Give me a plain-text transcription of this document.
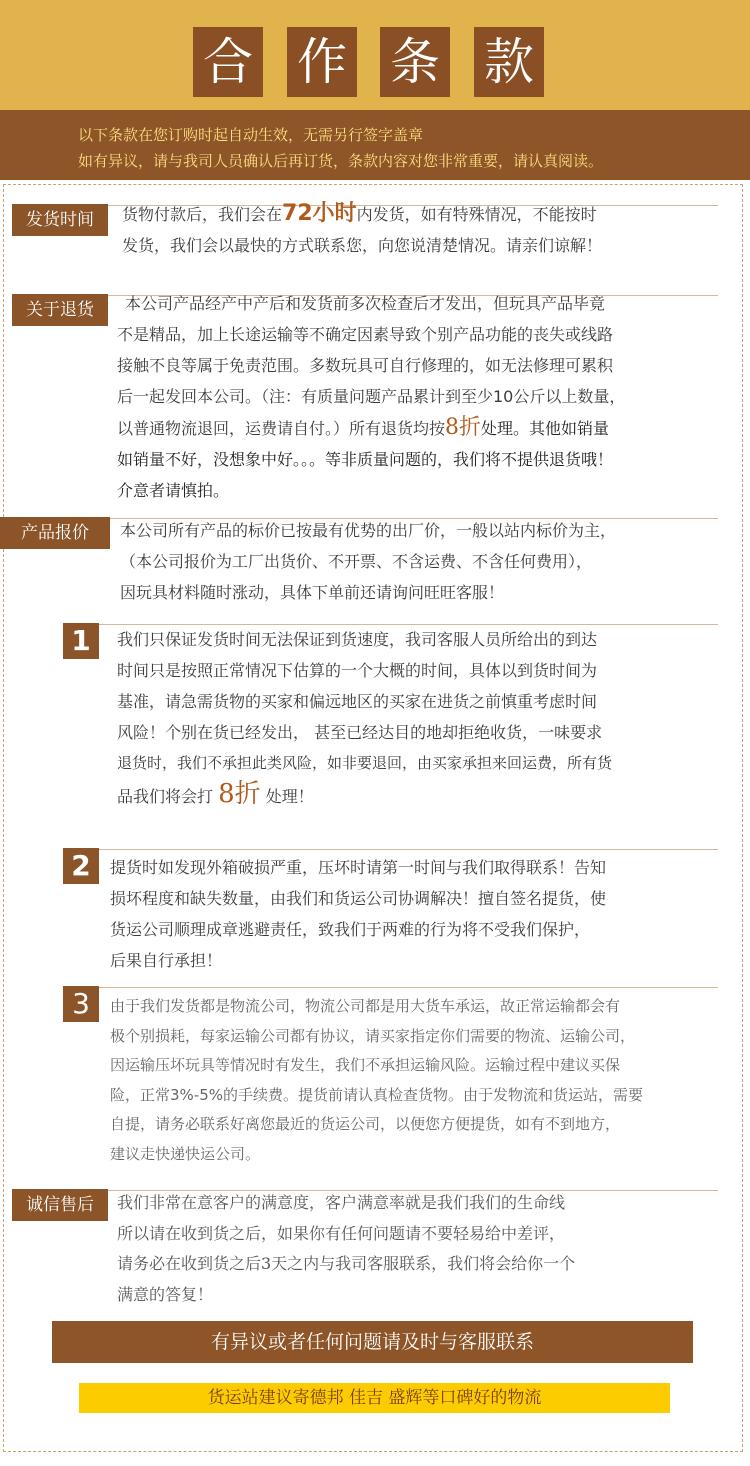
合 作 条 款
以下条款在您订购时起自动生效，无需另行签字盖章
如有异议，请与我司人员确认后再订货，条款内容对您非常重要，请认真阅读。
发货时间	货物付款后，我们会在72小时内发货，如有特殊情况，不能按时
发货，我们会以最快的方式联系您，向您说清楚情况。请亲们谅解！
关于退货	本公司产品经产中产后和发货前多次检查后才发出，但玩具产品毕竟
不是精品，加上长途运输等不确定因素导致个别产品功能的丧失或线路
接触不良等属于免责范围。多数玩具可自行修理的，如无法修理可累积
后一起发回本公司。（注：有质量问题产品累计到至少10公斤以上数量，
以普通物流退回，运费请自付。）所有退货均按8折处理。其他如销量
如销量不好，没想象中好。。。等非质量问题的，我们将不提供退货哦！
介意者请慎拍。
产品报价	本公司所有产品的标价已按最有优势的出厂价，一般以站内标价为主，
（本公司报价为工厂出货价、不开票、不含运费、不含任何费用），
因玩具材料随时涨动，具体下单前还请询问旺旺客服！
1	我们只保证发货时间无法保证到货速度，我司客服人员所给出的到达
时间只是按照正常情况下估算的一个大概的时间，具体以到货时间为
基准，请急需货物的买家和偏远地区的买家在进货之前慎重考虑时间
风险！个别在货已经发出， 甚至已经达目的地却拒绝收货，一味要求
退货时，我们不承担此类风险，如非要退回，由买家承担来回运费，所有货
品我们将会打 8折 处理！
2	提货时如发现外箱破损严重，压坏时请第一时间与我们取得联系！告知
损坏程度和缺失数量，由我们和货运公司协调解决！擅自签名提货，使
货运公司顺理成章逃避责任，致我们于两难的行为将不受我们保护，
后果自行承担！
3	由于我们发货都是物流公司，物流公司都是用大货车承运，故正常运输都会有
极个别损耗，每家运输公司都有协议，请买家指定你们需要的物流、运输公司，
因运输压坏玩具等情况时有发生，我们不承担运输风险。运输过程中建议买保
险，正常3%-5%的手续费。提货前请认真检查货物。由于发物流和货运站，需要
自提，请务必联系好离您最近的货运公司，以便您方便提货，如有不到地方，
建议走快递快运公司。
诚信售后	我们非常在意客户的满意度，客户满意率就是我们我们的生命线
所以请在收到货之后，如果你有任何问题请不要轻易给中差评，
请务必在收到货之后3天之内与我司客服联系，我们将会给你一个
满意的答复！
有异议或者任何问题请及时与客服联系
货运站建议寄德邦 佳吉 盛辉等口碑好的物流
